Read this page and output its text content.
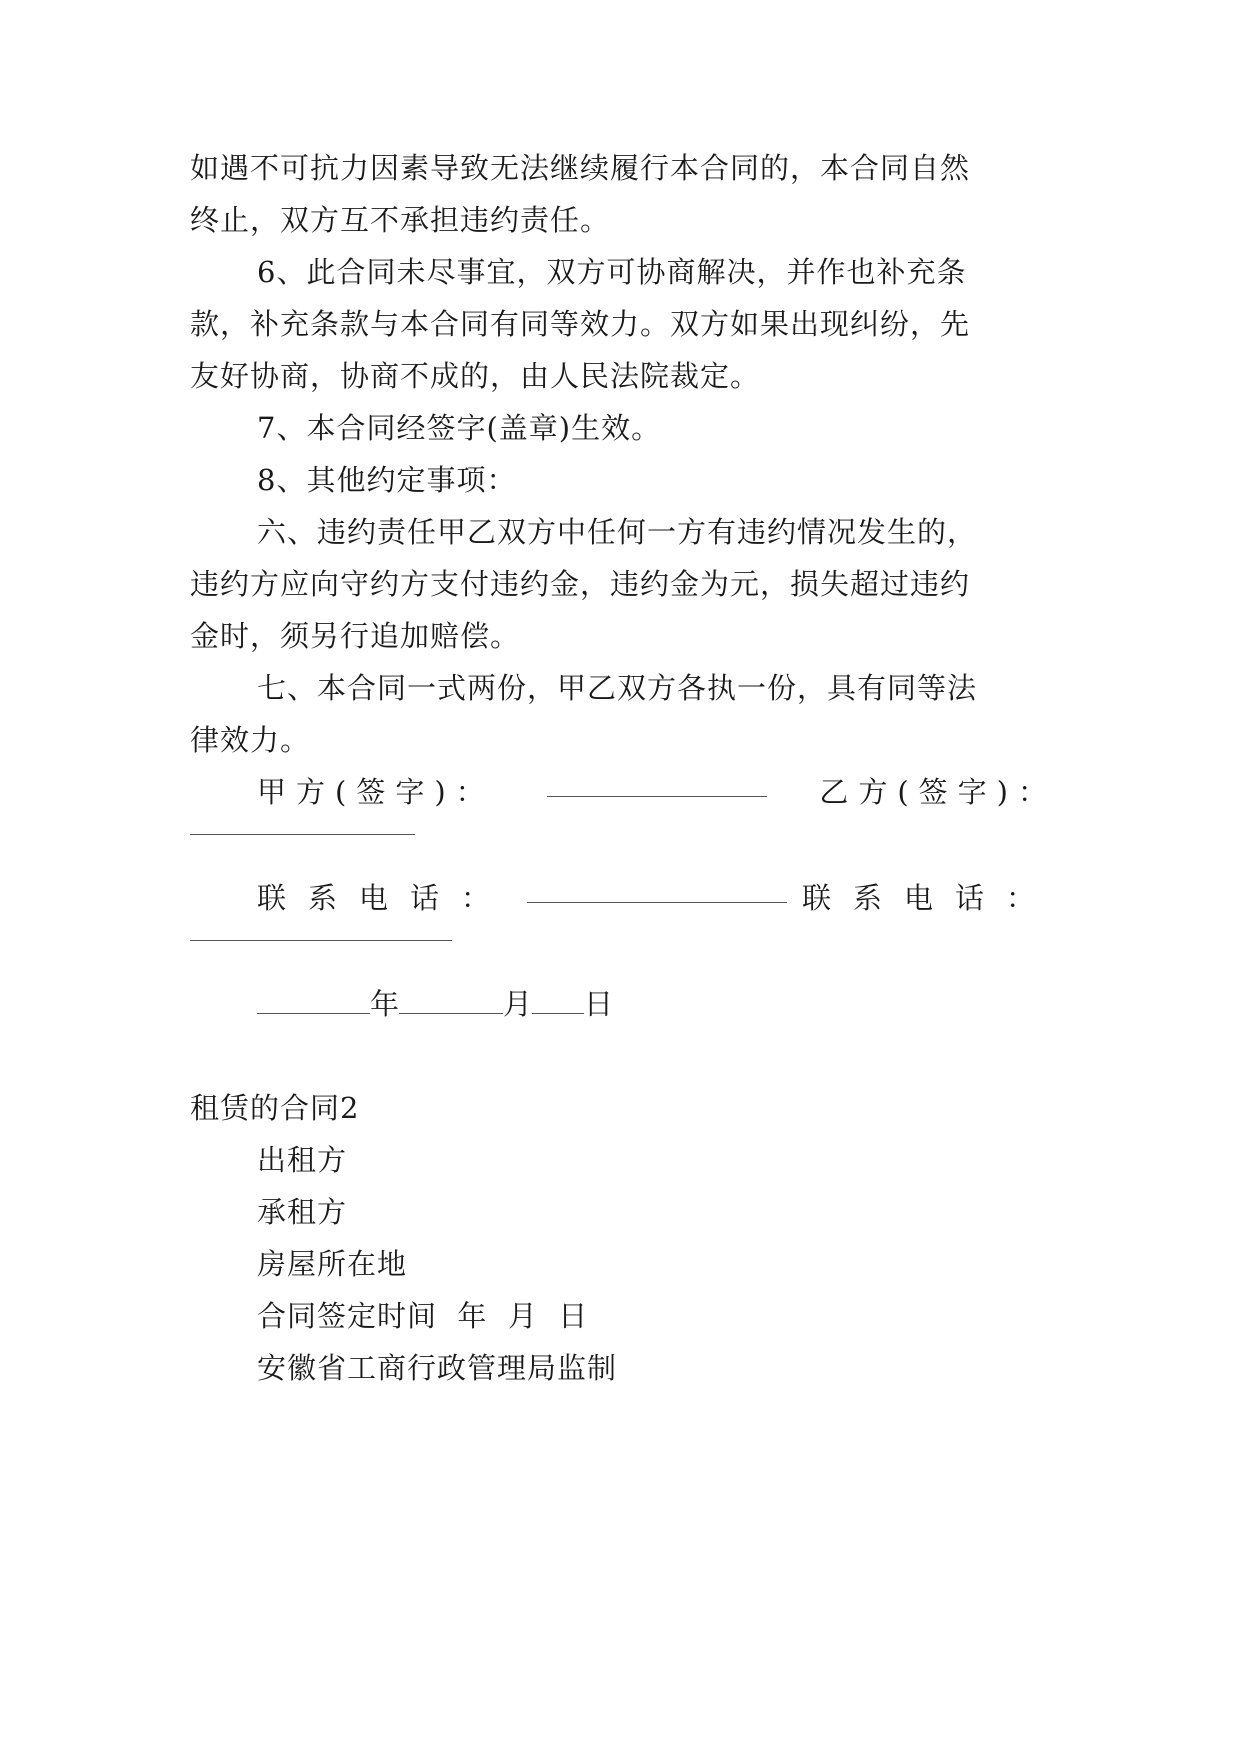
如遇不可抗力因素导致无法继续履行本合同的，本合同自然
终止，双方互不承担违约责任。
6、此合同未尽事宜，双方可协商解决，并作也补充条
款，补充条款与本合同有同等效力。双方如果出现纠纷，先
友好协商，协商不成的，由人民法院裁定。
7、本合同经签字(盖章)生效。
8、其他约定事项：
六、违约责任甲乙双方中任何一方有违约情况发生的，
违约方应向守约方支付违约金，违约金为元，损失超过违约
金时，须另行追加赔偿。
七、本合同一式两份，甲乙双方各执一份，具有同等法
律效力。
甲方(签字)：	乙方(签字)：
联系电话：	联系电话：
年	月 日
租赁的合同2
出租方
承租方
房屋所在地
合同签定时间  年  月  日
安徽省工商行政管理局监制
